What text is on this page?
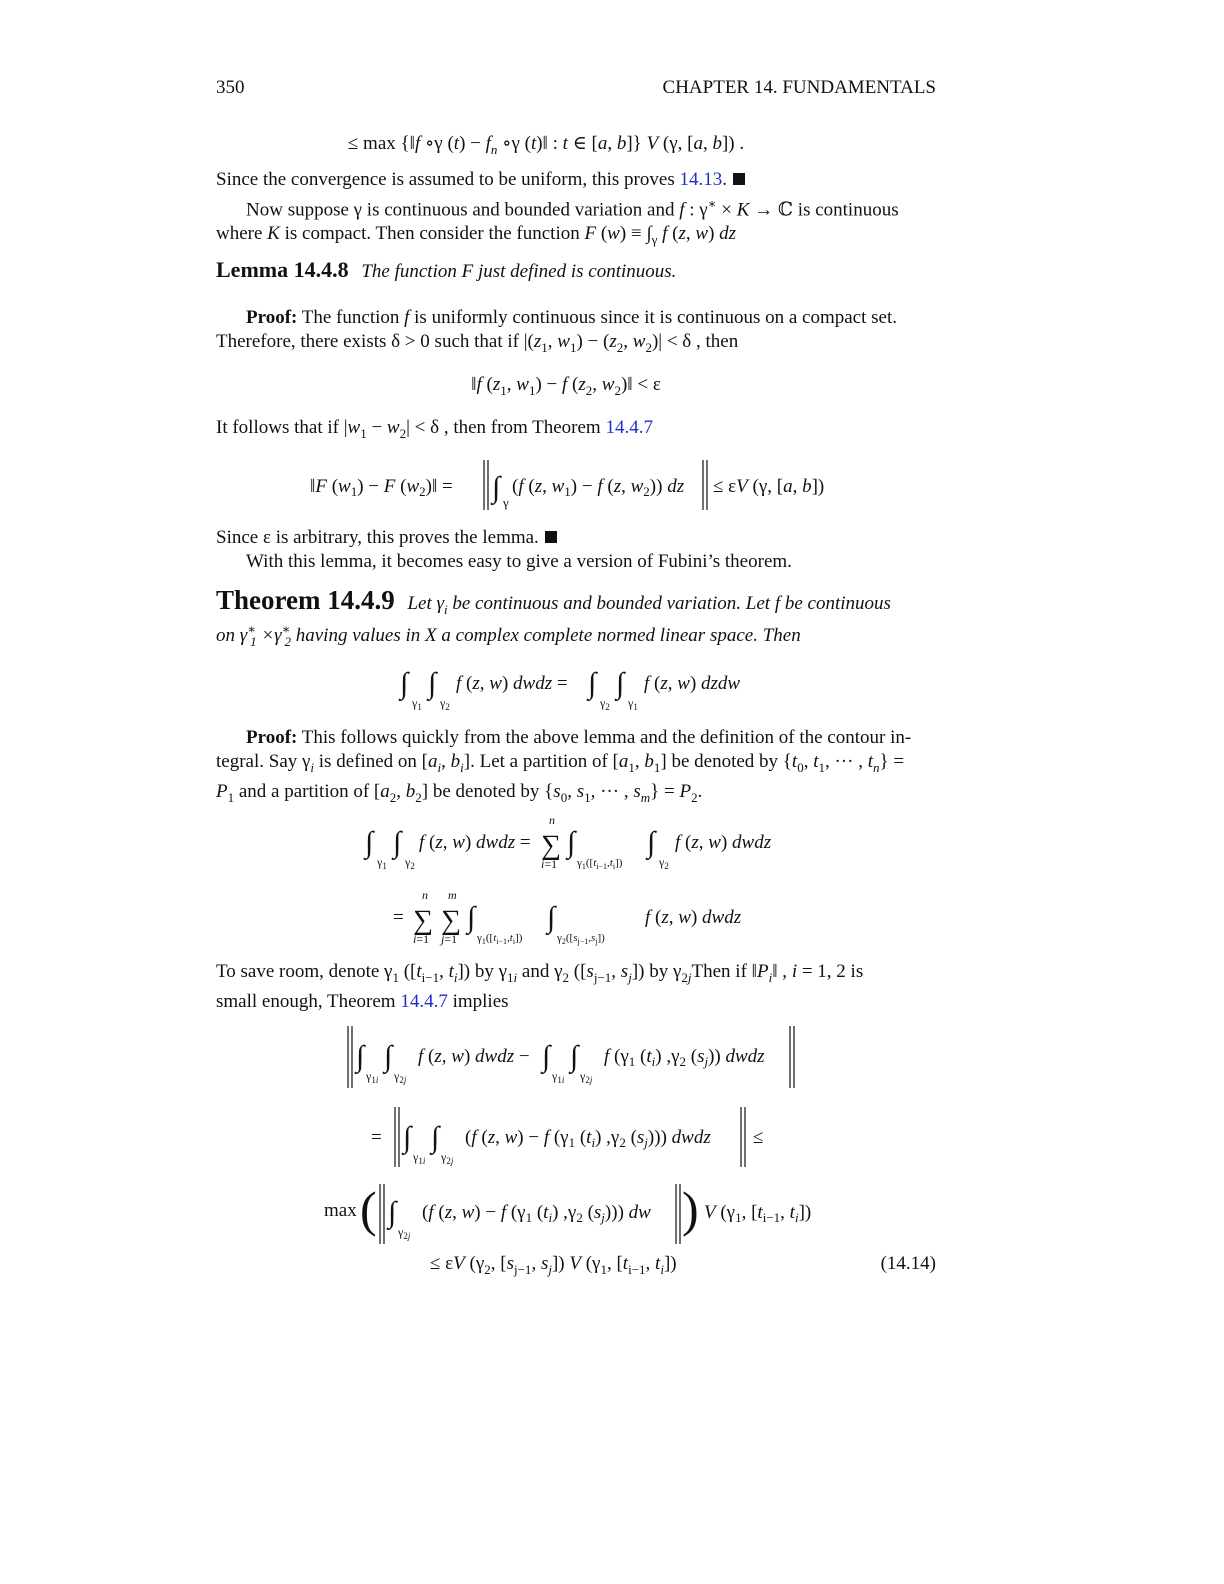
350	CHAPTER 14. FUNDAMENTALS
≤ max {‖f ∘γ $(t) - f_n$ ∘γ (t)‖ : t ∈ [a, b]} V (γ, [a, b]) .
Since the convergence is assumed to be uniform, this proves 14.13.
Now suppose γ is continuous and bounded variation and f : γ∗ × K → ℂ is continuous
where K is compact. Then consider the function F $(w) \equiv \int_\gamma$ f (z, w) dz
Lemma 14.4.8 The function F just defined is continuous.
Proof: The function f is uniformly continuous since it is continuous on a compact set.
Therefore, there exists δ > 0 such that if $|(z_1$, $w_1) - (z_2$, $w_2)| < \delta$ , then
‖f ($z_1$, $w_1) - f$ ($z_2$, $w_2)‖ < \varepsilon$
It follows that if $|w_1 - w_2| < \delta$ , then from Theorem 14.4.7
‖F $(w_1) - F$ $(w_2)‖$ = ∫ γ
(f (z, $w_1) - f$ (z, $w_2$)) dz ≤ εV (γ, [a, b])
Since ε is arbitrary, this proves the lemma.
With this lemma, it becomes easy to give a version of Fubini’s theorem.
Theorem 14.4.9 Let $\gamma_i$ be continuous and bounded variation. Let f be continuous
on $\gamma^∗_1 \times\gamma^∗_2$ having values in X a complex complete normed linear space. Then
∫
$\gamma_1$
∫
$\gamma_2$
f (z, w) dwdz = ∫
$\gamma_2$
∫
$\gamma_1$
f (z, w) dzdw
Proof: This follows quickly from the above lemma and the definition of the contour in-
tegral. Say $\gamma_i$ is defined on [$a_i$, $b_i$]. Let a partition of [$a_1$, $b_1$] be denoted by {$t_0$, $t_1$, ··· , $t_n$} =
$P_1$ and a partition of [$a_2$, $b_2$] be denoted by {$s_0$, $s_1$, ··· , $s_m\} = P_2$.
∫
$\gamma_1$
∫
$\gamma_2$
f (z, w) dwdz =
n
∑
i=1
∫
$\gamma_1([t_{i-1},t_i])$
∫
$\gamma_2$
f (z, w) dwdz
=
n
∑
i=1
m
∑
j=1
∫
$\gamma_1([t_{i-1},t_i])$
∫
$\gamma_2([s_{j-1},s_j])$
f (z, w) dwdz
To save room, denote $\gamma_1$ ([$t_{i-1}$, $t_i$]) by $\gamma_{1i}$ and $\gamma_2$ ([$s_{j-1}$, $s_j$]) by $\gamma_{2j}Then$ if $‖P_i‖$ , i = 1, 2 is
small enough, Theorem 14.4.7 implies
∫
$\gamma_1i$
∫
$\gamma_2j$
f (z, w) dwdz − ∫
$\gamma_1i$
∫
$\gamma_2j$
f ($\gamma_1$ $(t_i)$ $,\gamma_2$ $(s_j)$) dwdz
= ∫
$\gamma_1i$
∫
$\gamma_2j$
(f (z, w) − f ($\gamma_1$ $(t_i)$ $,\gamma_2$ $(s_j)$)) dwdz ≤
max ( ∫
$\gamma_2j$
(f (z, w) − f ($\gamma_1$ $(t_i)$ $,\gamma_2$ $(s_j)$)) dw ) V ($\gamma_1$, [$t_{i-1}$, $t_i$])
≤ εV ($\gamma_2$, [$s_{j-1}$, $s_j$]) V ($\gamma_1$, [$t_{i-1}$, $t_i$])	(14.14)
